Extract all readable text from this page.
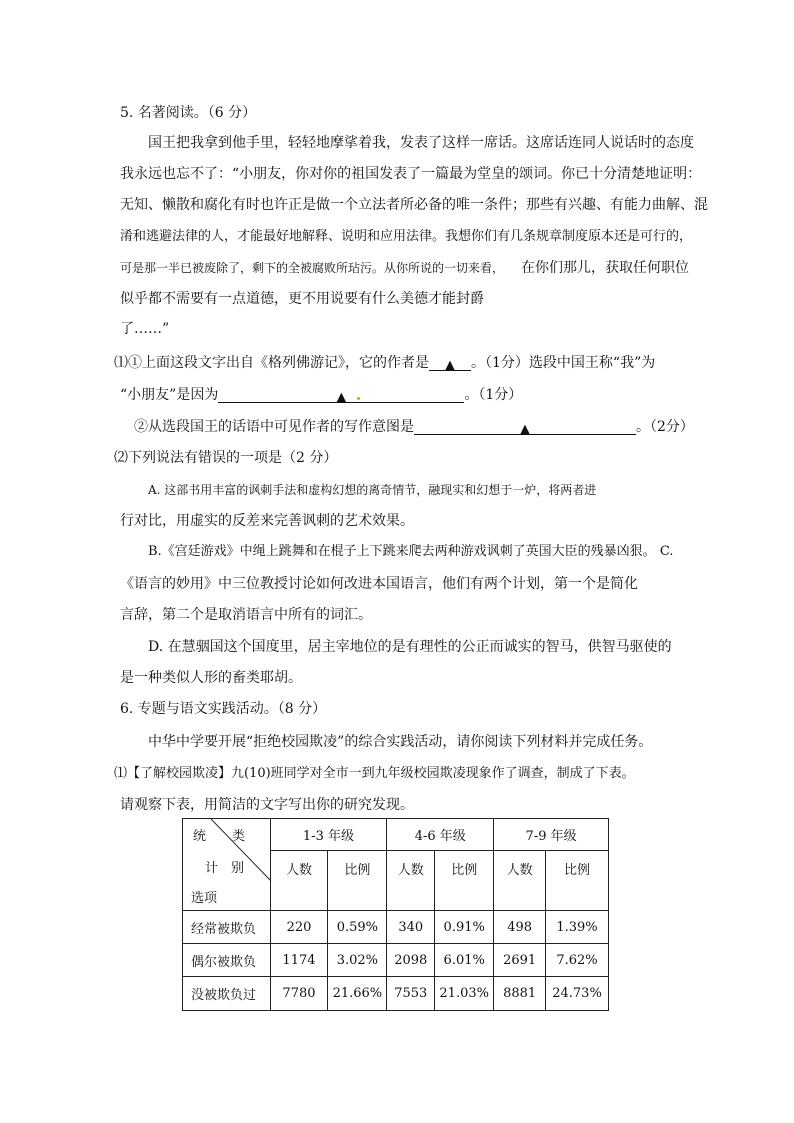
5. 名著阅读。（6 分）
国王把我拿到他手里，轻轻地摩挲着我，发表了这样一席话。这席话连同人说话时的态度
我永远也忘不了：“小朋友，你对你的祖国发表了一篇最为堂皇的颂词。你已十分清楚地证明：
无知、懒散和腐化有时也许正是做一个立法者所必备的唯一条件；那些有兴趣、有能力曲解、混
淆和逃避法律的人，才能最好地解释、说明和应用法律。我想你们有几条规章制度原本还是可行的，
可是那一半已被废除了，剩下的全被腐败所玷污。从你所说的一切来看， 在你们那儿，获取任何职位
似乎都不需要有一点道德，更不用说要有什么美德才能封爵
了……”
⑴①上面这段文字出自《格列佛游记》，它的作者是 ▲ 。（1分）选段中国王称“我”为
“小朋友”是因为	▲	。（1分）
②从选段国王的话语中可见作者的写作意图是	▲	。（2分）
⑵下列说法有错误的一项是（2 分）
A. 这部书用丰富的讽刺手法和虚构幻想的离奇情节，融现实和幻想于一炉，将两者进
行对比，用虚实的反差来完善讽刺的艺术效果。
B.《宫廷游戏》中绳上跳舞和在棍子上下跳来爬去两种游戏讽刺了英国大臣的残暴凶狠。 C.
《语言的妙用》中三位教授讨论如何改进本国语言，他们有两个计划，第一个是简化
言辞，第二个是取消语言中所有的词汇。
D. 在慧骃国这个国度里，居主宰地位的是有理性的公正而诚实的智马，供智马驱使的
是一种类似人形的畜类耶胡。
6. 专题与语文实践活动。（8 分）
中华中学要开展“拒绝校园欺凌”的综合实践活动，请你阅读下列材料并完成任务。
⑴【了解校园欺凌】九(10)班同学对全市一到九年级校园欺凌现象作了调查，制成了下表。
请观察下表，用简洁的文字写出你的研究发现。
统　　类
计　别
选项	1-3 年级		4-6 年级		7-9 年级	
	人数	比例	人数	比例	人数	比例
经常被欺负	220	0.59%	340	0.91%	498	1.39%
偶尔被欺负	1174	3.02%	2098	6.01%	2691	7.62%
没被欺负过	7780	21.66%	7553	21.03%	8881	24.73%
